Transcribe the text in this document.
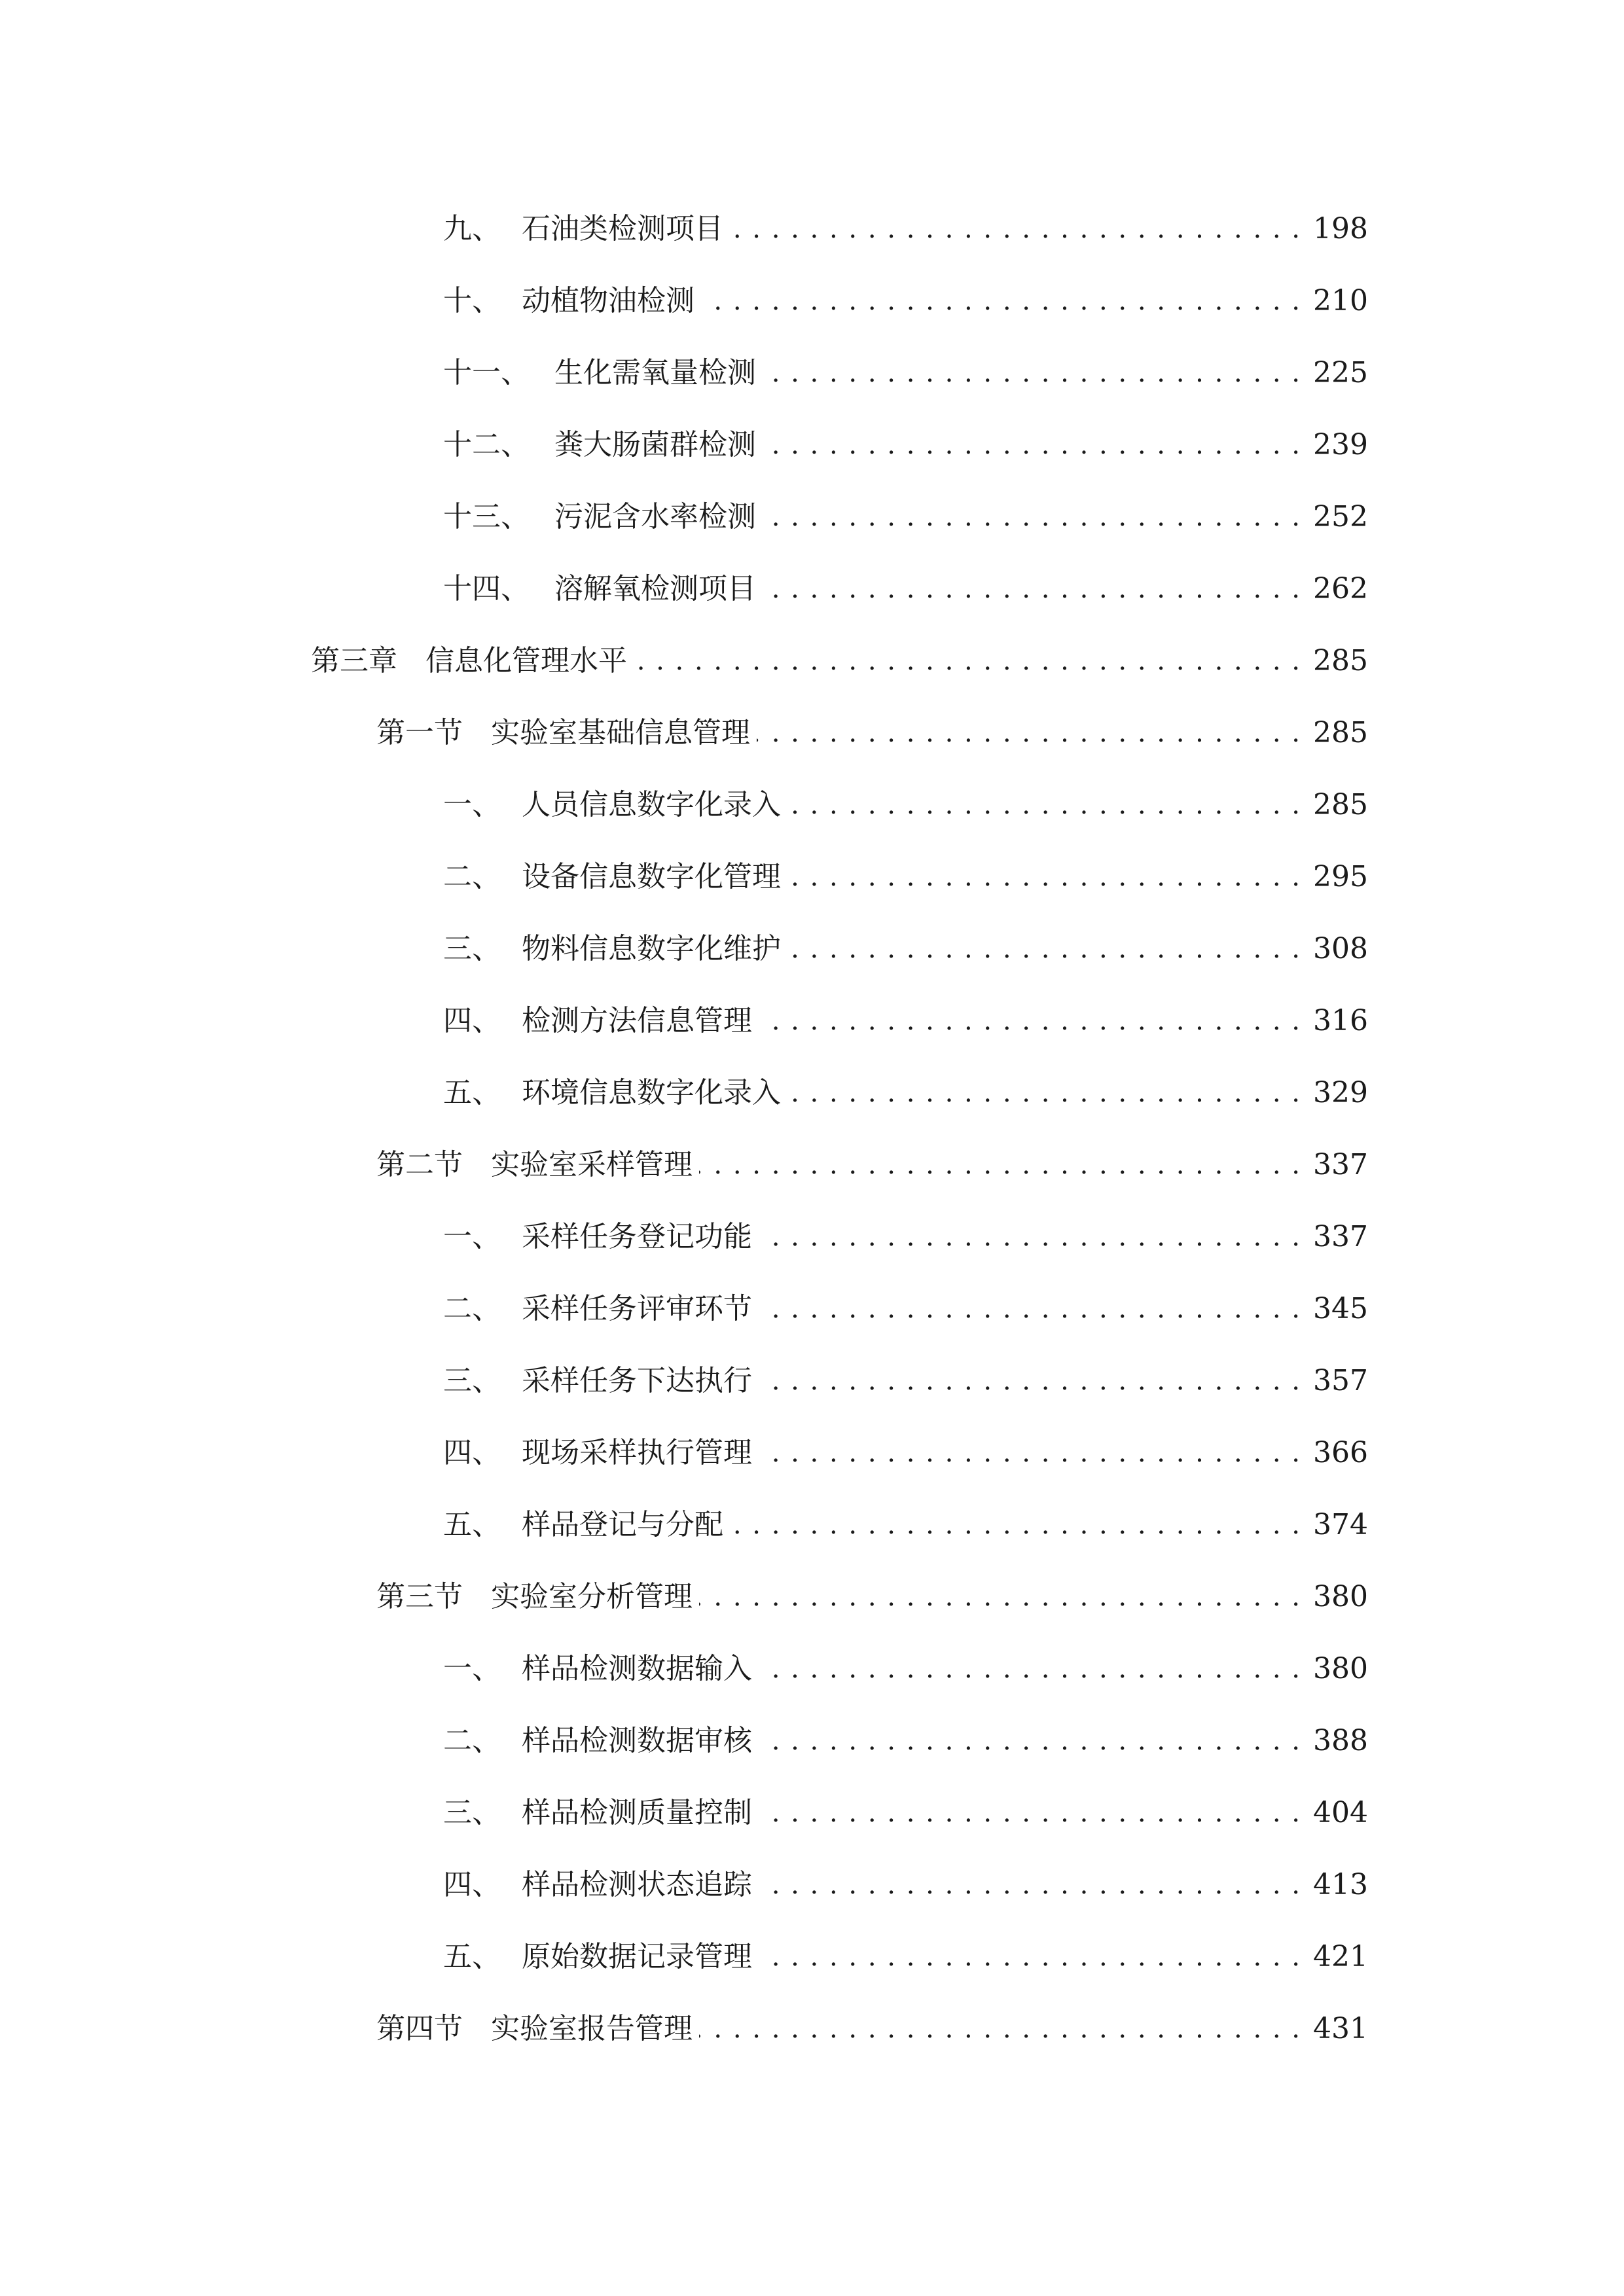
九、 石油类检测项目 . . .	198
十、 动植物油检测 . . .	210
十一、 生化需氧量检测 . . .	225
十二、 粪大肠菌群检测 . . .	239
十三、 污泥含水率检测 . . .	252
十四、 溶解氧检测项目 . . .	262
第三章 信息化管理水平 . . .	285
第一节 实验室基础信息管理 . . .	285
一、 人员信息数字化录入 . . .	285
二、 设备信息数字化管理 . . .	295
三、 物料信息数字化维护 . . .	308
四、 检测方法信息管理 . . .	316
五、 环境信息数字化录入 . . .	329
第二节 实验室采样管理 . . .	337
一、 采样任务登记功能 . . .	337
二、 采样任务评审环节 . . .	345
三、 采样任务下达执行 . . .	357
四、 现场采样执行管理 . . .	366
五、 样品登记与分配 . . .	374
第三节 实验室分析管理 . . .	380
一、 样品检测数据输入 . . .	380
二、 样品检测数据审核 . . .	388
三、 样品检测质量控制 . . .	404
四、 样品检测状态追踪 . . .	413
五、 原始数据记录管理 . . .	421
第四节 实验室报告管理 . . .	431
